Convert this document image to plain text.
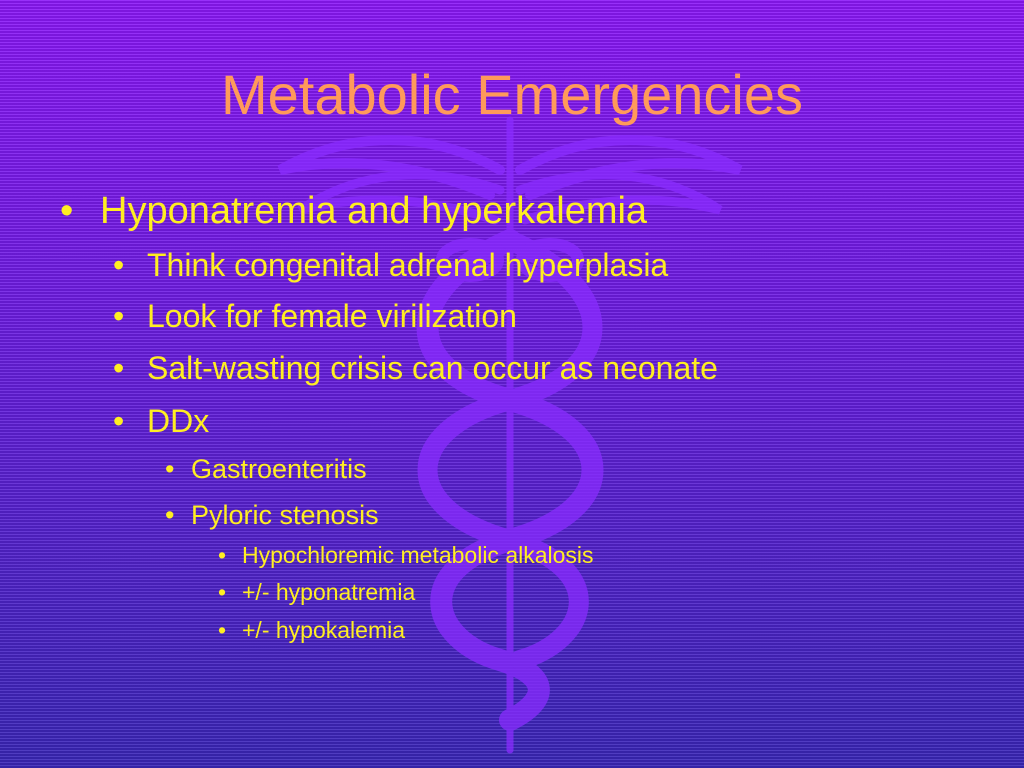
Metabolic Emergencies
• Hyponatremia and hyperkalemia
• Think congenital adrenal hyperplasia
• Look for female virilization
• Salt-wasting crisis can occur as neonate
• DDx
• Gastroenteritis
• Pyloric stenosis
• Hypochloremic metabolic alkalosis
• +/- hyponatremia
• +/- hypokalemia
